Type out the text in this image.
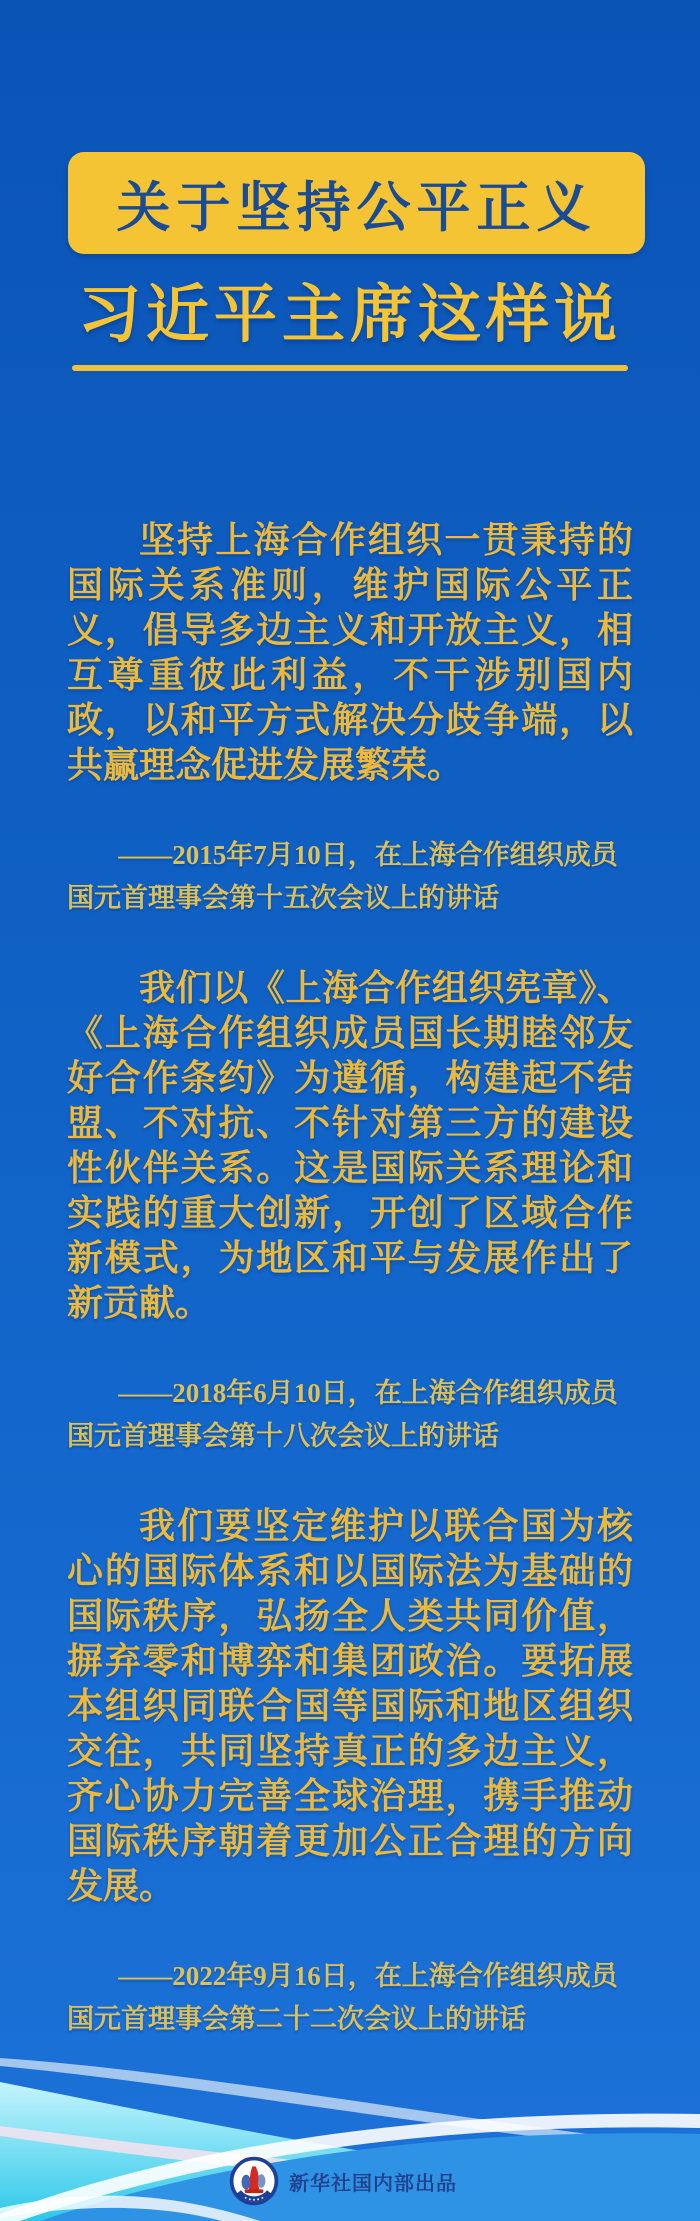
关于坚持公平正义
习近平主席这样说

坚持上海合作组织一贯秉持的国际关系准则，维护国际公平正义，倡导多边主义和开放主义，相互尊重彼此利益，不干涉别国内政，以和平方式解决分歧争端，以共赢理念促进发展繁荣。

——2015年7月10日，在上海合作组织成员国元首理事会第十五次会议上的讲话

我们以《上海合作组织宪章》、《上海合作组织成员国长期睦邻友好合作条约》为遵循，构建起不结盟、不对抗、不针对第三方的建设性伙伴关系。这是国际关系理论和实践的重大创新，开创了区域合作新模式，为地区和平与发展作出了新贡献。

——2018年6月10日，在上海合作组织成员国元首理事会第十八次会议上的讲话

我们要坚定维护以联合国为核心的国际体系和以国际法为基础的国际秩序，弘扬全人类共同价值，摒弃零和博弈和集团政治。要拓展本组织同联合国等国际和地区组织交往，共同坚持真正的多边主义，齐心协力完善全球治理，携手推动国际秩序朝着更加公正合理的方向发展。

——2022年9月16日，在上海合作组织成员国元首理事会第二十二次会议上的讲话

新华社国内部出品
